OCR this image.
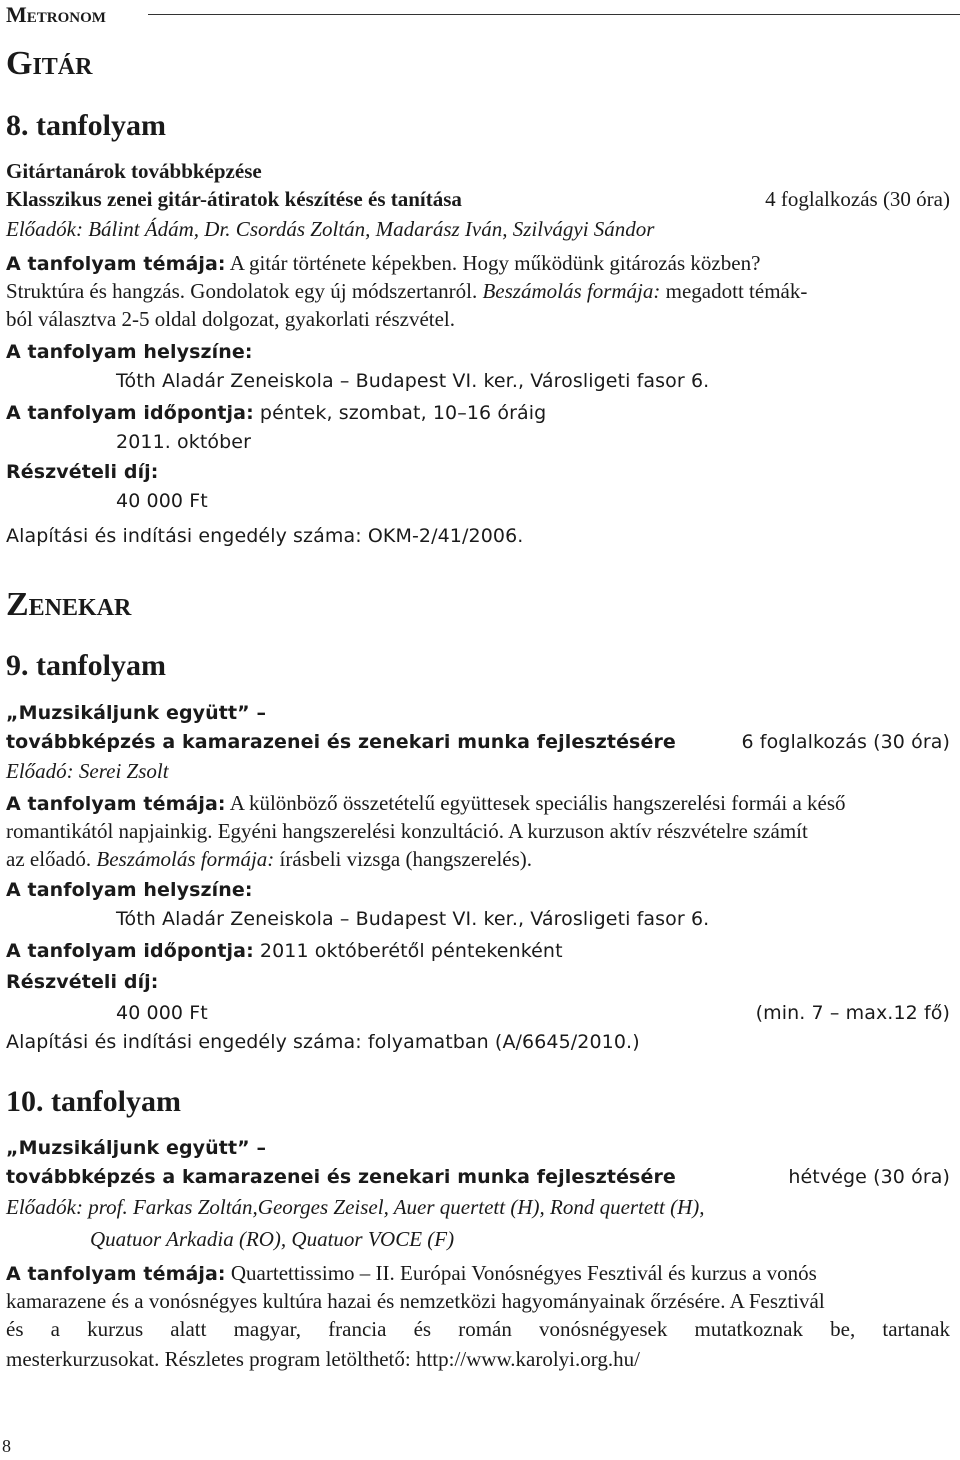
Metronom
Gitár
8. tanfolyam
Gitártanárok továbbképzése
Klasszikus zenei gitár-átiratok készítése és tanítása	4 foglalkozás (30 óra)
Előadók: Bálint Ádám, Dr. Csordás Zoltán, Madarász Iván, Szilvágyi Sándor
A tanfolyam témája: A gitár története képekben. Hogy működünk gitározás közben?
Struktúra és hangzás. Gondolatok egy új módszertanról. Beszámolás formája: megadott témák-
ból választva 2-5 oldal dolgozat, gyakorlati részvétel.
A tanfolyam helyszíne:
Tóth Aladár Zeneiskola – Budapest VI. ker., Városligeti fasor 6.
A tanfolyam időpontja: péntek, szombat, 10–16 óráig
2011. október
Részvételi díj:
40 000 Ft
Alapítási és indítási engedély száma: OKM-2/41/2006.
Zenekar
9. tanfolyam
„Muzsikáljunk együtt” –
továbbképzés a kamarazenei és zenekari munka fejlesztésére	6 foglalkozás (30 óra)
Előadó: Serei Zsolt
A tanfolyam témája: A különböző összetételű együttesek speciális hangszerelési formái a késő
romantikától napjainkig. Egyéni hangszerelési konzultáció. A kurzuson aktív részvételre számít
az előadó. Beszámolás formája: írásbeli vizsga (hangszerelés).
A tanfolyam helyszíne:
Tóth Aladár Zeneiskola – Budapest VI. ker., Városligeti fasor 6.
A tanfolyam időpontja: 2011 októberétől péntekenként
Részvételi díj:
40 000 Ft	(min. 7 – max.12 fő)
Alapítási és indítási engedély száma: folyamatban (A/6645/2010.)
10. tanfolyam
„Muzsikáljunk együtt” –
továbbképzés a kamarazenei és zenekari munka fejlesztésére	hétvége (30 óra)
Előadók: prof. Farkas Zoltán,Georges Zeisel, Auer quertett (H), Rond quertett (H),
Quatuor Arkadia (RO), Quatuor VOCE (F)
A tanfolyam témája: Quartettissimo – II. Európai Vonósnégyes Fesztivál és kurzus a vonós
kamarazene és a vonósnégyes kultúra hazai és nemzetközi hagyományainak őrzésére. A Fesztivál
és a kurzus alatt magyar, francia és román vonósnégyesek mutatkoznak be, tartanak
mesterkurzusokat. Részletes program letölthető: http://www.karolyi.org.hu/
8
